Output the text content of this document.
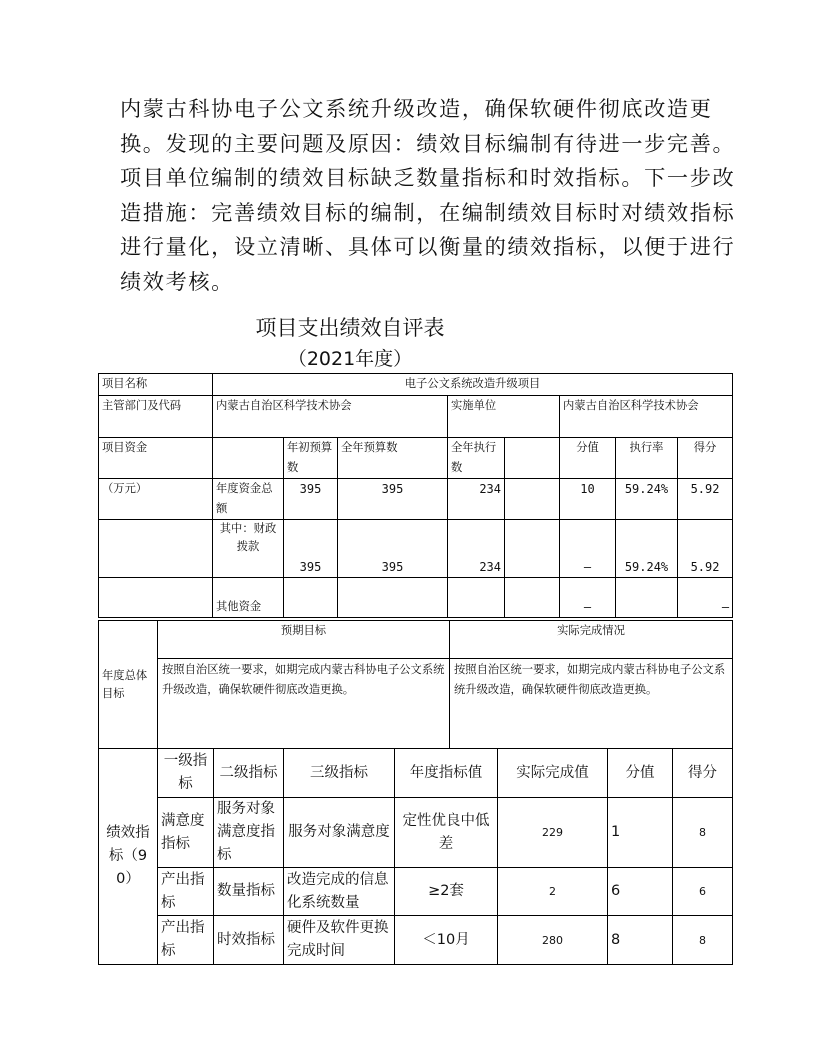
内蒙古科协电子公文系统升级改造，确保软硬件彻底改造更
换。发现的主要问题及原因：绩效目标编制有待进一步完善。
项目单位编制的绩效目标缺乏数量指标和时效指标。下一步改
造措施：完善绩效目标的编制，在编制绩效目标时对绩效指标
进行量化，设立清晰、具体可以衡量的绩效指标，以便于进行
绩效考核。
项目支出绩效自评表
（2021年度）
项目名称	电子公文系统改造升级项目							
主管部门及代码	内蒙古自治区科学技术协会			实施单位		内蒙古自治区科学技术协会		
项目资金		年初预算数	全年预算数	全年执行数		分值	执行率	得分
（万元）	年度资金总额	395	395	234		10	59.24%	5.92
	其中：财政拨款	395	395	234		—	59.24%	5.92
	其他资金					—		—
年度总体目标	预期目标	实际完成情况
	按照自治区统一要求，如期完成内蒙古科协电子公文系统升级改造，确保软硬件彻底改造更换。	按照自治区统一要求，如期完成内蒙古科协电子公文系统升级改造，确保软硬件彻底改造更换。
绩效指标（90）	一级指标	二级指标	三级指标	年度指标值	实际完成值	分值	得分
	满意度指标	服务对象满意度指标	服务对象满意度	定性优良中低差	229	1	8
	产出指标	数量指标	改造完成的信息化系统数量	≥2套	2	6	6
	产出指标	时效指标	硬件及软件更换完成时间	＜10月	280	8	8
